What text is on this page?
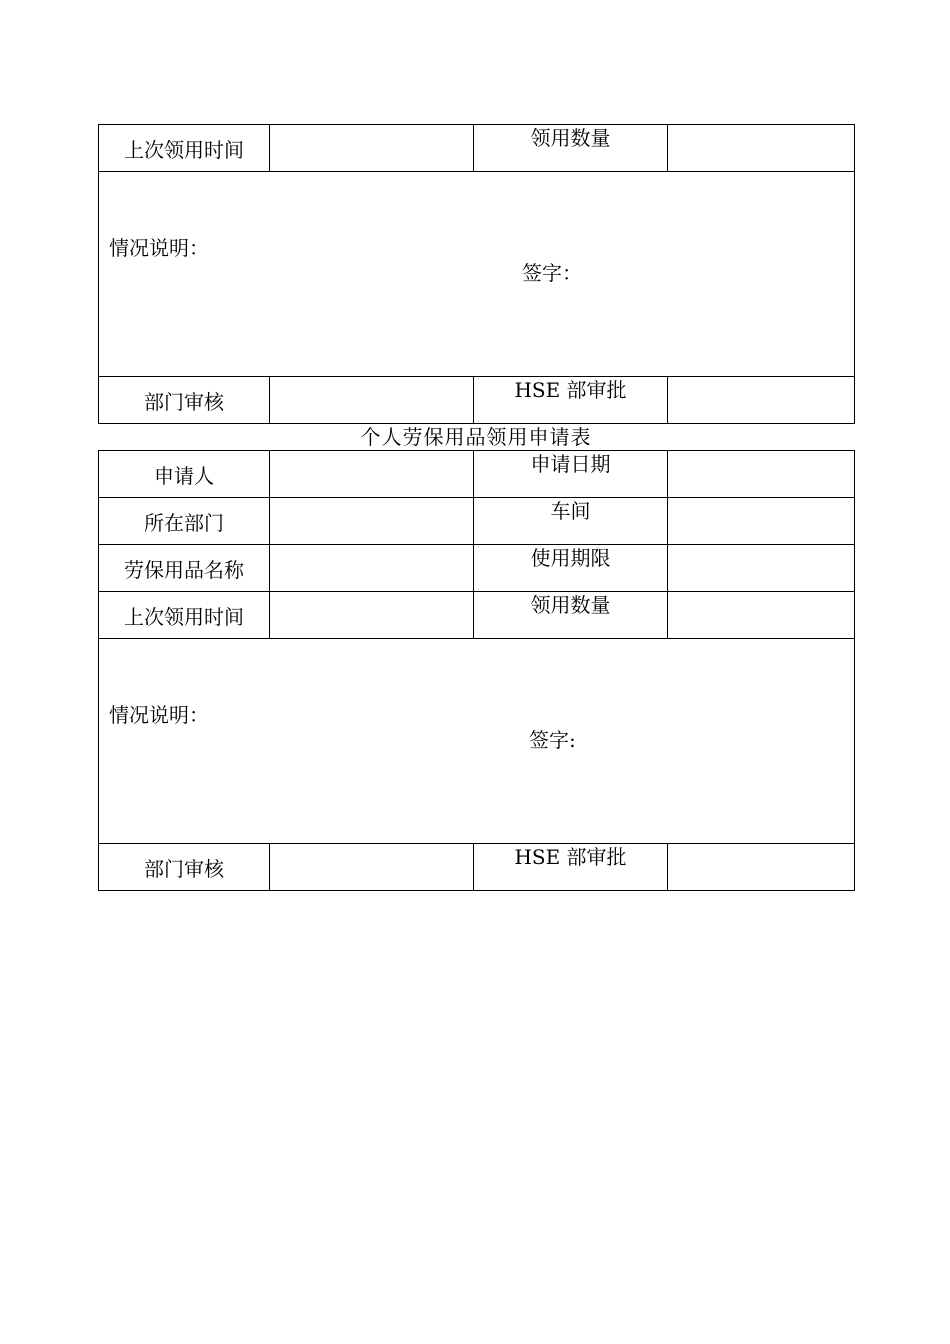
上次领用时间		领用数量	

情况说明：
签字：			

部门审核		HSE 部审批	
个人劳保用品领用申请表
申请人		申请日期	
所在部门		车间	
劳保用品名称		使用期限	
上次领用时间		领用数量	

情况说明：
签字:			

部门审核		HSE 部审批	
